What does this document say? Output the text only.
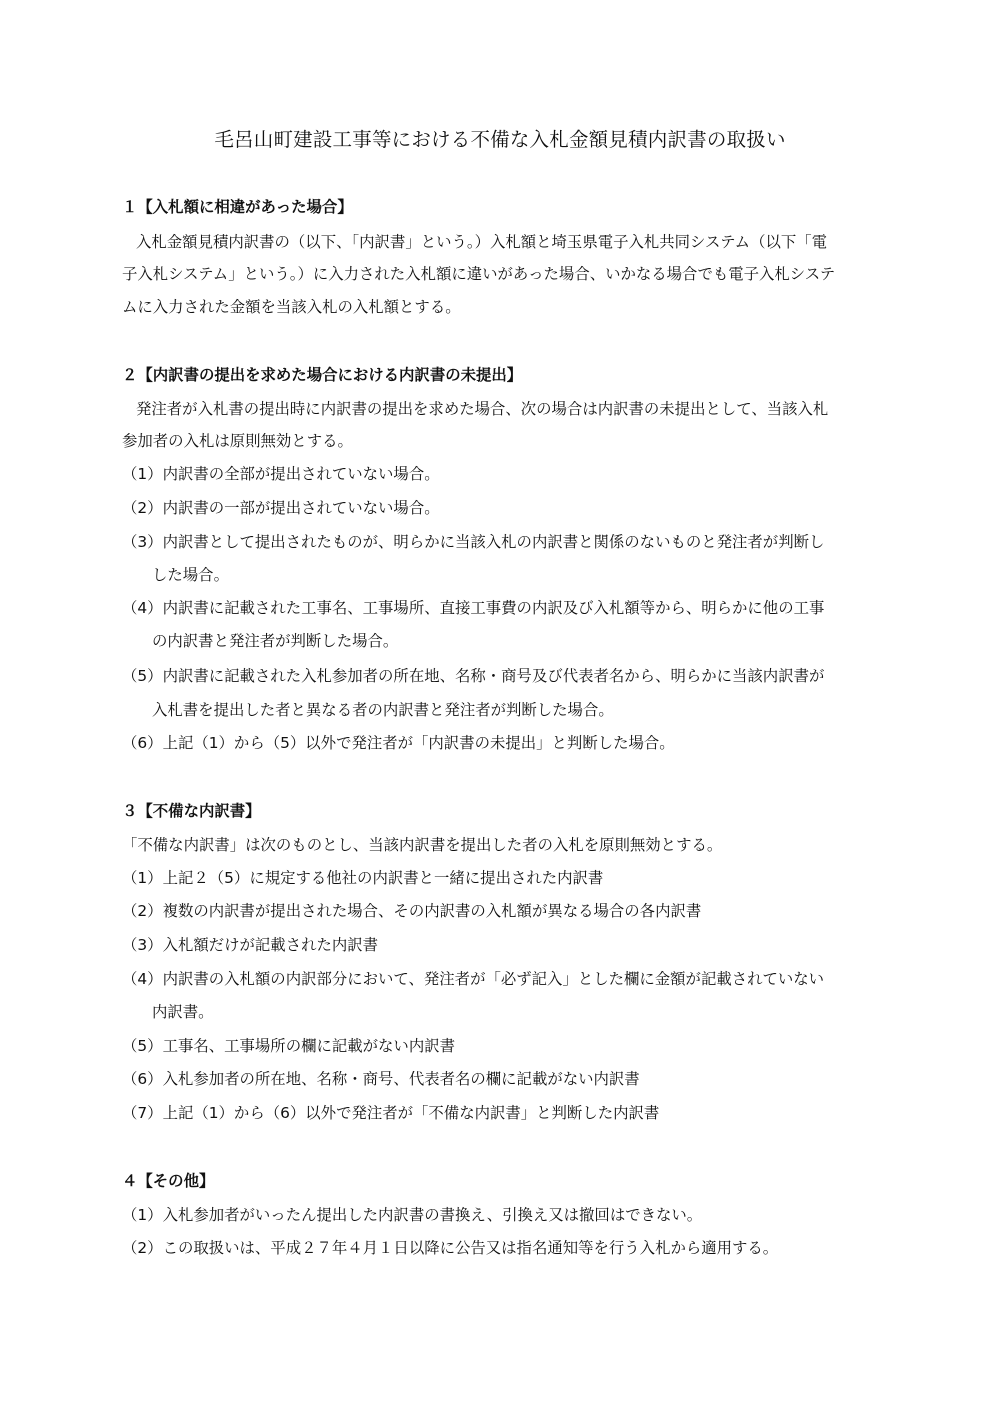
毛呂山町建設工事等における不備な入札金額見積内訳書の取扱い
１【入札額に相違があった場合】
入札金額見積内訳書の（以下、「内訳書」という。）入札額と埼玉県電子入札共同システム（以下「電
子入札システム」という。）に入力された入札額に違いがあった場合、いかなる場合でも電子入札システ
ムに入力された金額を当該入札の入札額とする。
２【内訳書の提出を求めた場合における内訳書の未提出】
発注者が入札書の提出時に内訳書の提出を求めた場合、次の場合は内訳書の未提出として、当該入札
参加者の入札は原則無効とする。
（1）内訳書の全部が提出されていない場合。
（2）内訳書の一部が提出されていない場合。
（3）内訳書として提出されたものが、明らかに当該入札の内訳書と関係のないものと発注者が判断し
した場合。
（4）内訳書に記載された工事名、工事場所、直接工事費の内訳及び入札額等から、明らかに他の工事
の内訳書と発注者が判断した場合。
（5）内訳書に記載された入札参加者の所在地、名称・商号及び代表者名から、明らかに当該内訳書が
入札書を提出した者と異なる者の内訳書と発注者が判断した場合。
（6）上記（1）から（5）以外で発注者が「内訳書の未提出」と判断した場合。
３【不備な内訳書】
「不備な内訳書」は次のものとし、当該内訳書を提出した者の入札を原則無効とする。
（1）上記２（5）に規定する他社の内訳書と一緒に提出された内訳書
（2）複数の内訳書が提出された場合、その内訳書の入札額が異なる場合の各内訳書
（3）入札額だけが記載された内訳書
（4）内訳書の入札額の内訳部分において、発注者が「必ず記入」とした欄に金額が記載されていない
内訳書。
（5）工事名、工事場所の欄に記載がない内訳書
（6）入札参加者の所在地、名称・商号、代表者名の欄に記載がない内訳書
（7）上記（1）から（6）以外で発注者が「不備な内訳書」と判断した内訳書
４【その他】
（1）入札参加者がいったん提出した内訳書の書換え、引換え又は撤回はできない。
（2）この取扱いは、平成２７年４月１日以降に公告又は指名通知等を行う入札から適用する。
